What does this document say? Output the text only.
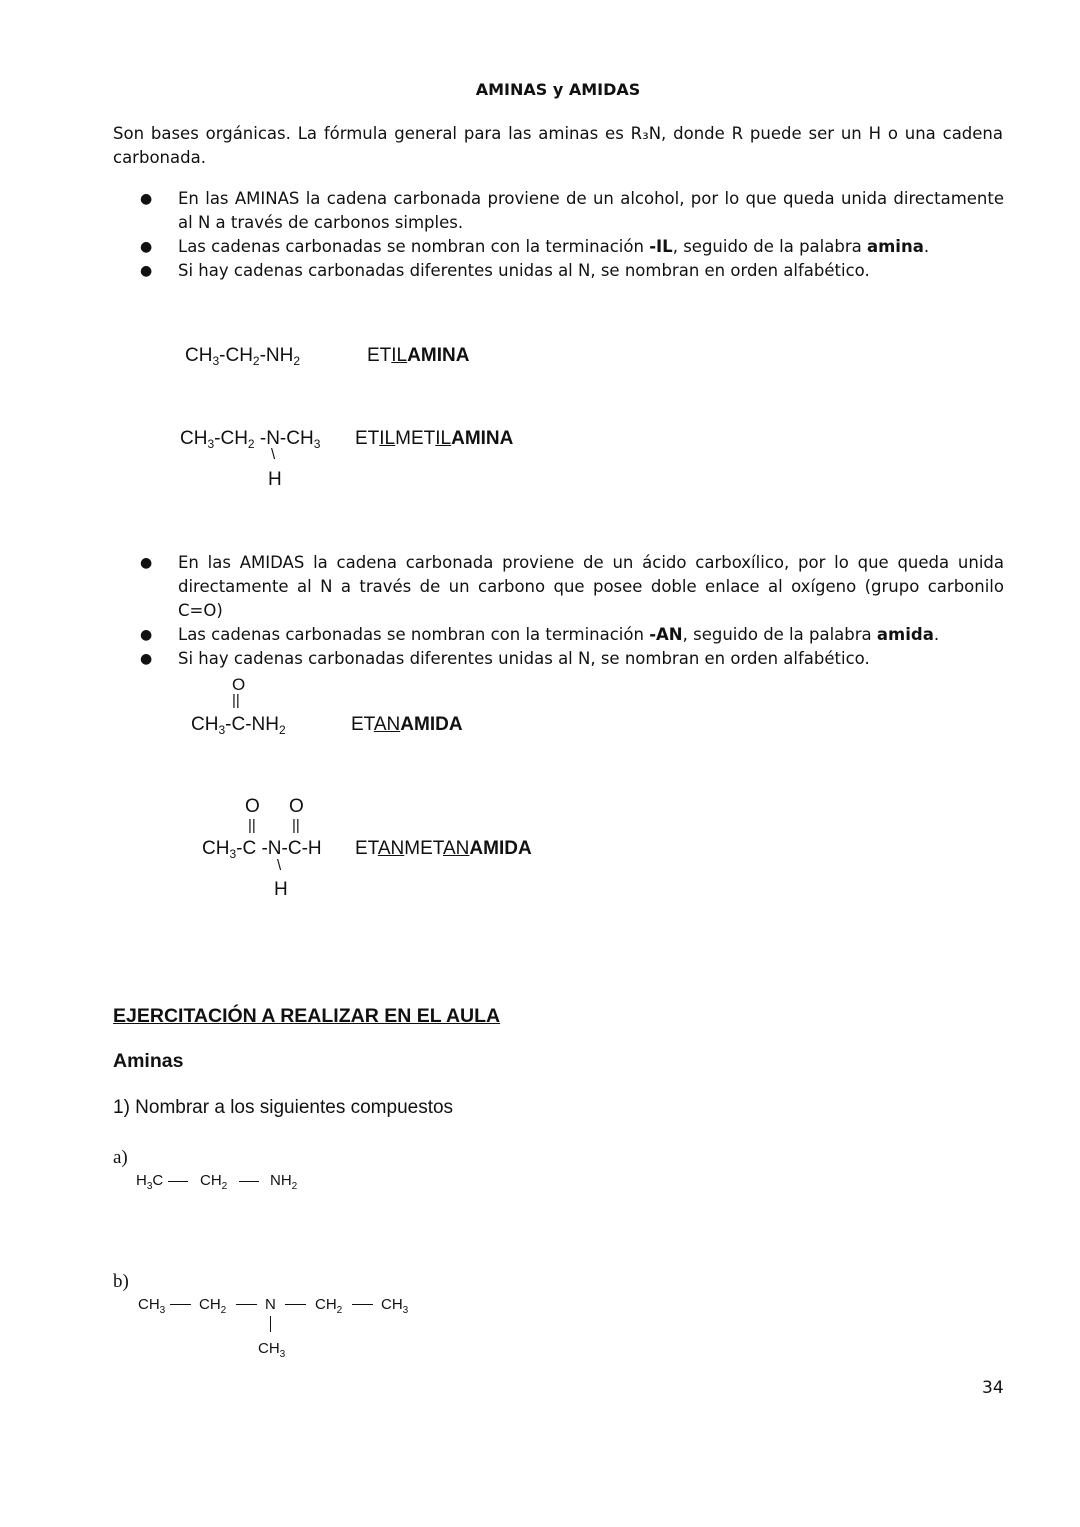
AMINAS y AMIDAS
Son bases orgánicas. La fórmula general para las aminas es R₃N, donde R puede ser un H o una cadena carbonada.
● En las AMINAS la cadena carbonada proviene de un alcohol, por lo que queda unida directamente al N a través de carbonos simples.
● Las cadenas carbonadas se nombran con la terminación -IL, seguido de la palabra amina.
● Si hay cadenas carbonadas diferentes unidas al N, se nombran en orden alfabético.
$CH_3-CH_2-NH_2$	ETILAMINA
$CH_3-CH_2$ $-N-CH_3$
\
H
ETILMETILAMINA
● En las AMIDAS la cadena carbonada proviene de un ácido carboxílico, por lo que queda unida directamente al N a través de un carbono que posee doble enlace al oxígeno (grupo carbonilo C=O)
● Las cadenas carbonadas se nombran con la terminación -AN, seguido de la palabra amida.
● Si hay cadenas carbonadas diferentes unidas al N, se nombran en orden alfabético.
O
||
$CH_3-C-NH_2$	ETANAMIDA
O O
|| ||
$CH_3-C$ -N-C-H
\
H
ETANMETANAMIDA
EJERCITACIÓN A REALIZAR EN EL AULA
Aminas
1) Nombrar a los siguientes compuestos
a)
$H_3C$ $CH_2$	$NH_2$
b)
$CH_3$ $CH_2$	N	$CH_2$	$CH_3$
$CH_3$
34
